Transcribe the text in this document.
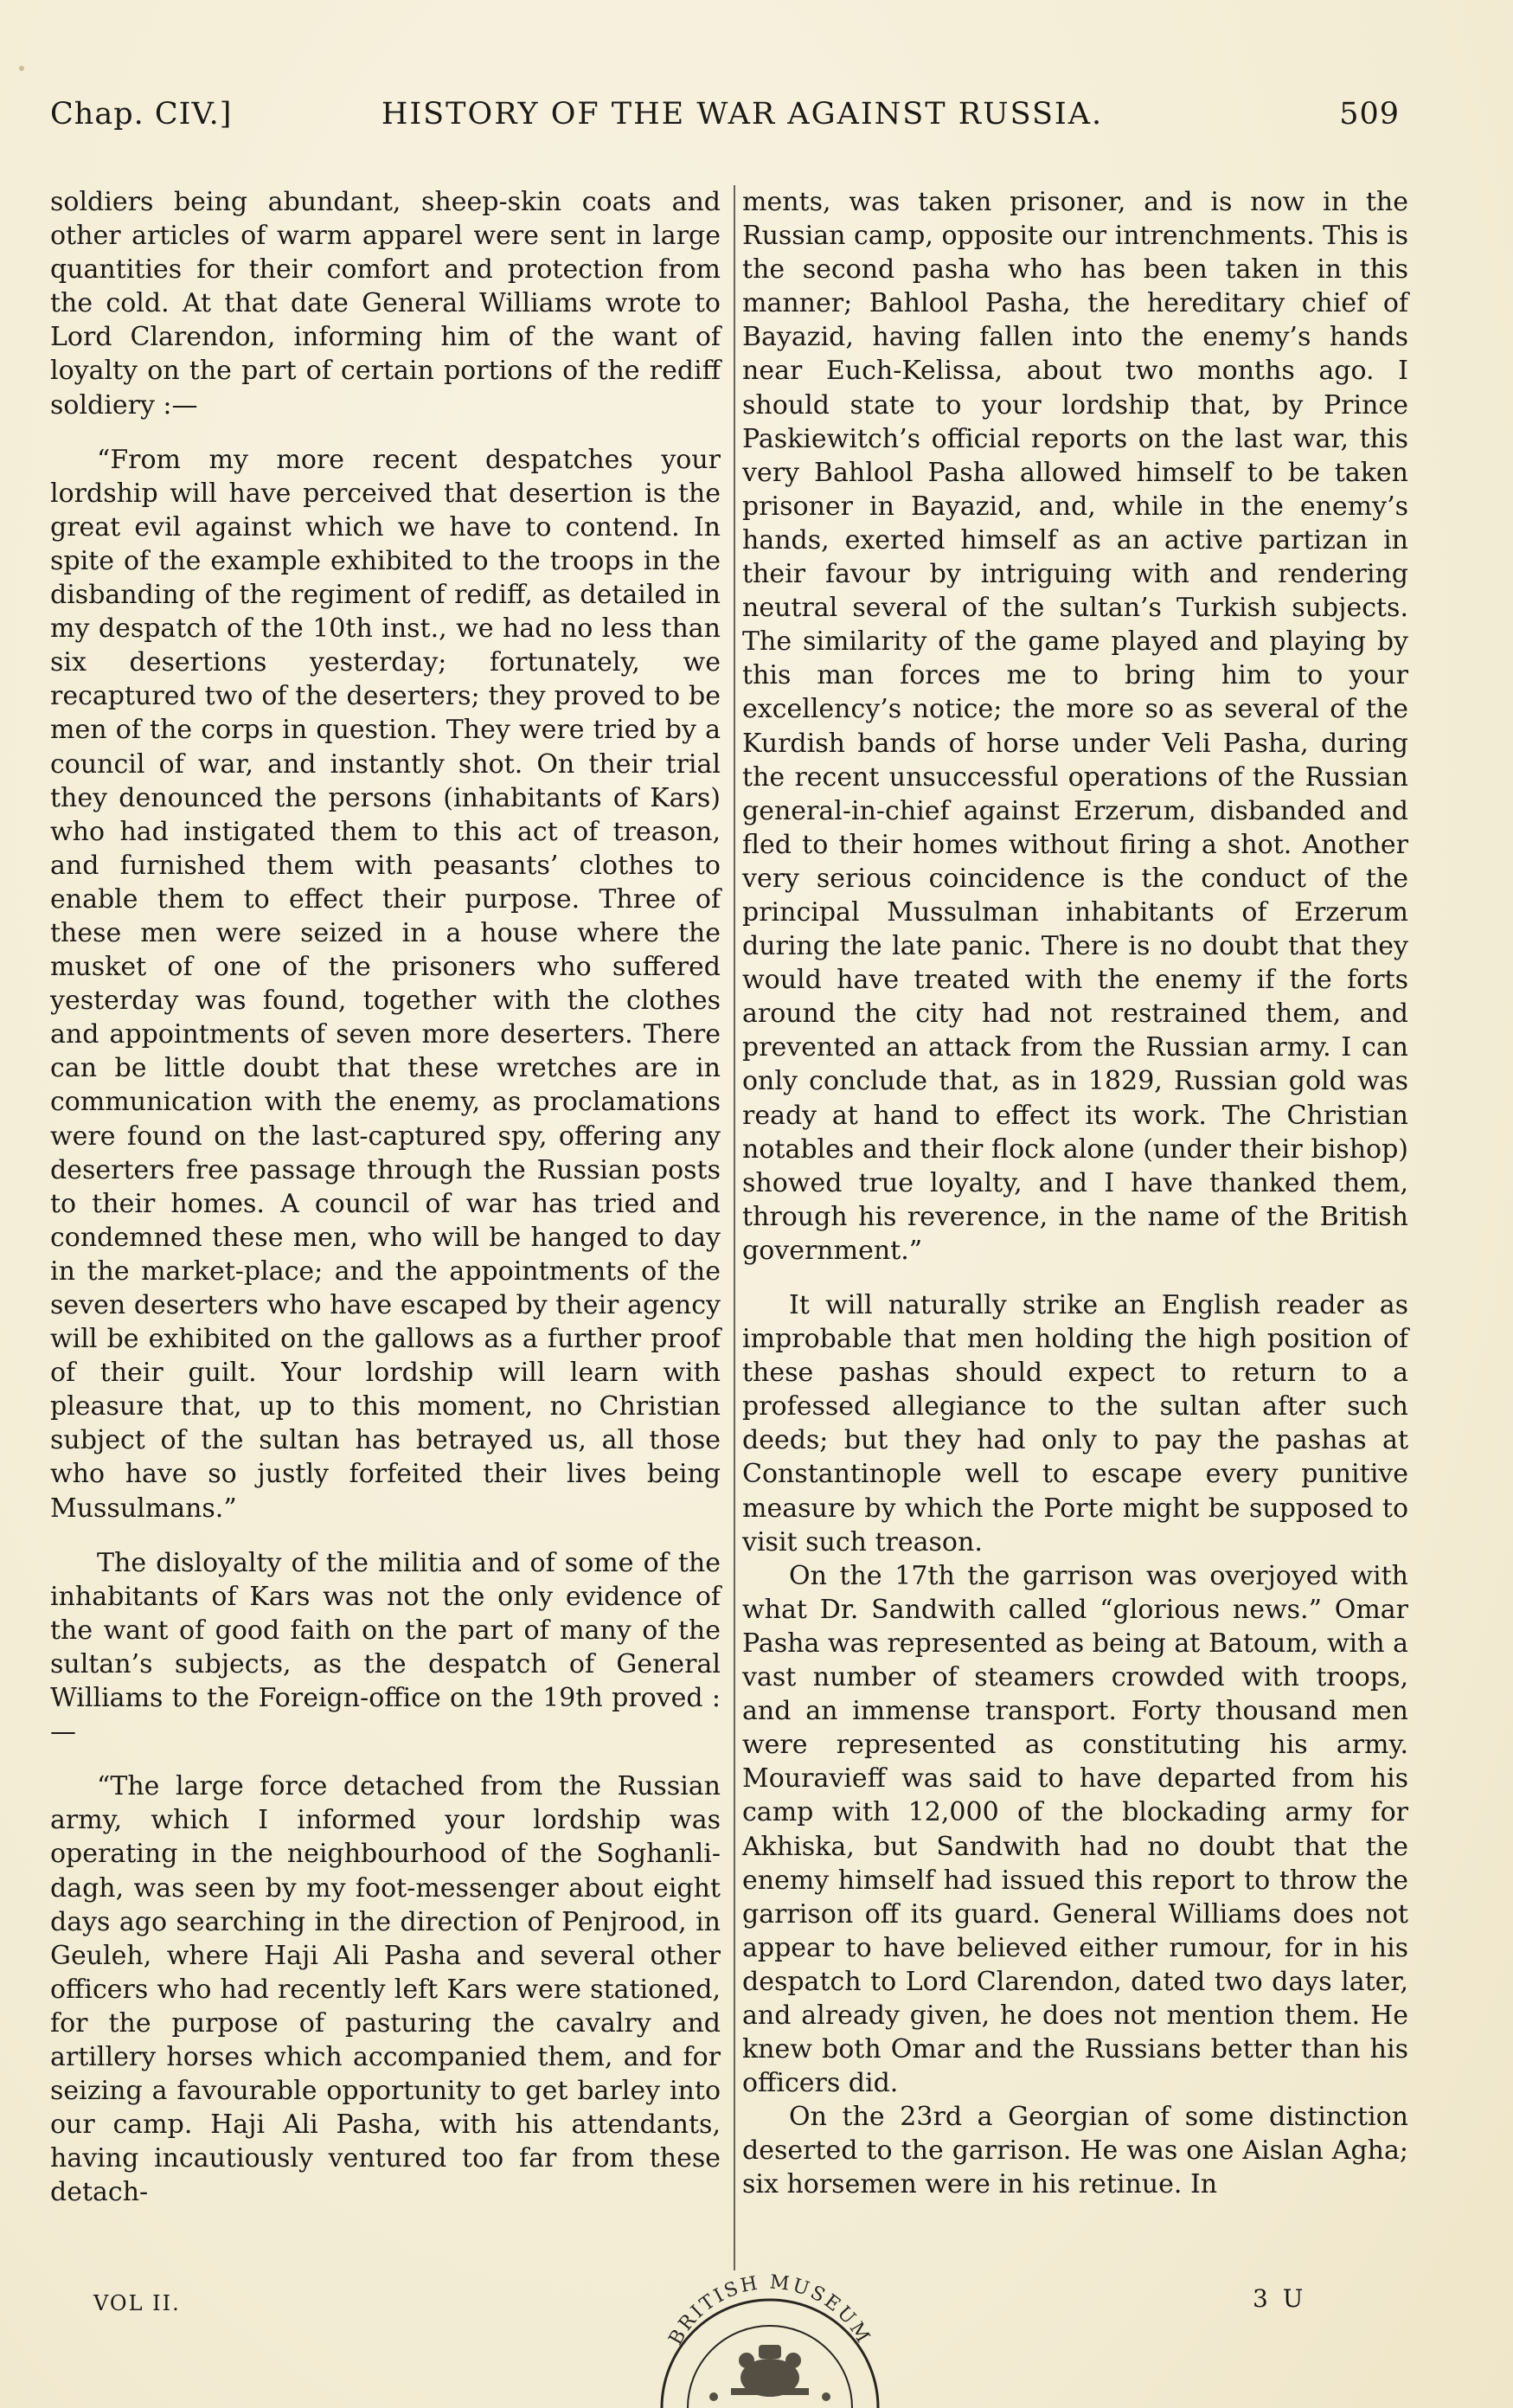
Chap. CIV.]	HISTORY OF THE WAR AGAINST RUSSIA.	509

soldiers being abundant, sheep-skin coats and other articles of warm apparel were sent in large quantities for their comfort and protection from the cold. At that date General Williams wrote to Lord Clarendon, informing him of the want of loyalty on the part of certain portions of the rediff soldiery :—

“From my more recent despatches your lordship will have perceived that desertion is the great evil against which we have to contend. In spite of the example exhibited to the troops in the disbanding of the regiment of rediff, as detailed in my despatch of the 10th inst., we had no less than six desertions yesterday; fortunately, we recaptured two of the deserters; they proved to be men of the corps in question. They were tried by a council of war, and instantly shot. On their trial they denounced the persons (inhabitants of Kars) who had instigated them to this act of treason, and furnished them with peasants’ clothes to enable them to effect their purpose. Three of these men were seized in a house where the musket of one of the prisoners who suffered yesterday was found, together with the clothes and appointments of seven more deserters. There can be little doubt that these wretches are in communication with the enemy, as proclamations were found on the last-captured spy, offering any deserters free passage through the Russian posts to their homes. A council of war has tried and condemned these men, who will be hanged to day in the market-place; and the appointments of the seven deserters who have escaped by their agency will be exhibited on the gallows as a further proof of their guilt. Your lordship will learn with pleasure that, up to this moment, no Christian subject of the sultan has betrayed us, all those who have so justly forfeited their lives being Mussulmans.”

The disloyalty of the militia and of some of the inhabitants of Kars was not the only evidence of the want of good faith on the part of many of the sultan’s subjects, as the despatch of General Williams to the Foreign-office on the 19th proved :—

“The large force detached from the Russian army, which I informed your lordship was operating in the neighbourhood of the Soghanli-dagh, was seen by my foot-messenger about eight days ago searching in the direction of Penjrood, in Geuleh, where Haji Ali Pasha and several other officers who had recently left Kars were stationed, for the purpose of pasturing the cavalry and artillery horses which accompanied them, and for seizing a favourable opportunity to get barley into our camp. Haji Ali Pasha, with his attendants, having incautiously ventured too far from these detach-

ments, was taken prisoner, and is now in the Russian camp, opposite our intrenchments. This is the second pasha who has been taken in this manner; Bahlool Pasha, the hereditary chief of Bayazid, having fallen into the enemy’s hands near Euch-Kelissa, about two months ago. I should state to your lordship that, by Prince Paskiewitch’s official reports on the last war, this very Bahlool Pasha allowed himself to be taken prisoner in Bayazid, and, while in the enemy’s hands, exerted himself as an active partizan in their favour by intriguing with and rendering neutral several of the sultan’s Turkish subjects. The similarity of the game played and playing by this man forces me to bring him to your excellency’s notice; the more so as several of the Kurdish bands of horse under Veli Pasha, during the recent unsuccessful operations of the Russian general-in-chief against Erzerum, disbanded and fled to their homes without firing a shot. Another very serious coincidence is the conduct of the principal Mussulman inhabitants of Erzerum during the late panic. There is no doubt that they would have treated with the enemy if the forts around the city had not restrained them, and prevented an attack from the Russian army. I can only conclude that, as in 1829, Russian gold was ready at hand to effect its work. The Christian notables and their flock alone (under their bishop) showed true loyalty, and I have thanked them, through his reverence, in the name of the British government.”

It will naturally strike an English reader as improbable that men holding the high position of these pashas should expect to return to a professed allegiance to the sultan after such deeds; but they had only to pay the pashas at Constantinople well to escape every punitive measure by which the Porte might be supposed to visit such treason.

On the 17th the garrison was overjoyed with what Dr. Sandwith called “glorious news.” Omar Pasha was represented as being at Batoum, with a vast number of steamers crowded with troops, and an immense transport. Forty thousand men were represented as constituting his army. Mouravieff was said to have departed from his camp with 12,000 of the blockading army for Akhiska, but Sandwith had no doubt that the enemy himself had issued this report to throw the garrison off its guard. General Williams does not appear to have believed either rumour, for in his despatch to Lord Clarendon, dated two days later, and already given, he does not mention them. He knew both Omar and the Russians better than his officers did.

On the 23rd a Georgian of some distinction deserted to the garrison. He was one Aislan Agha; six horsemen were in his retinue. In

VOL II.	3 U
BRITISH MUSEUM
